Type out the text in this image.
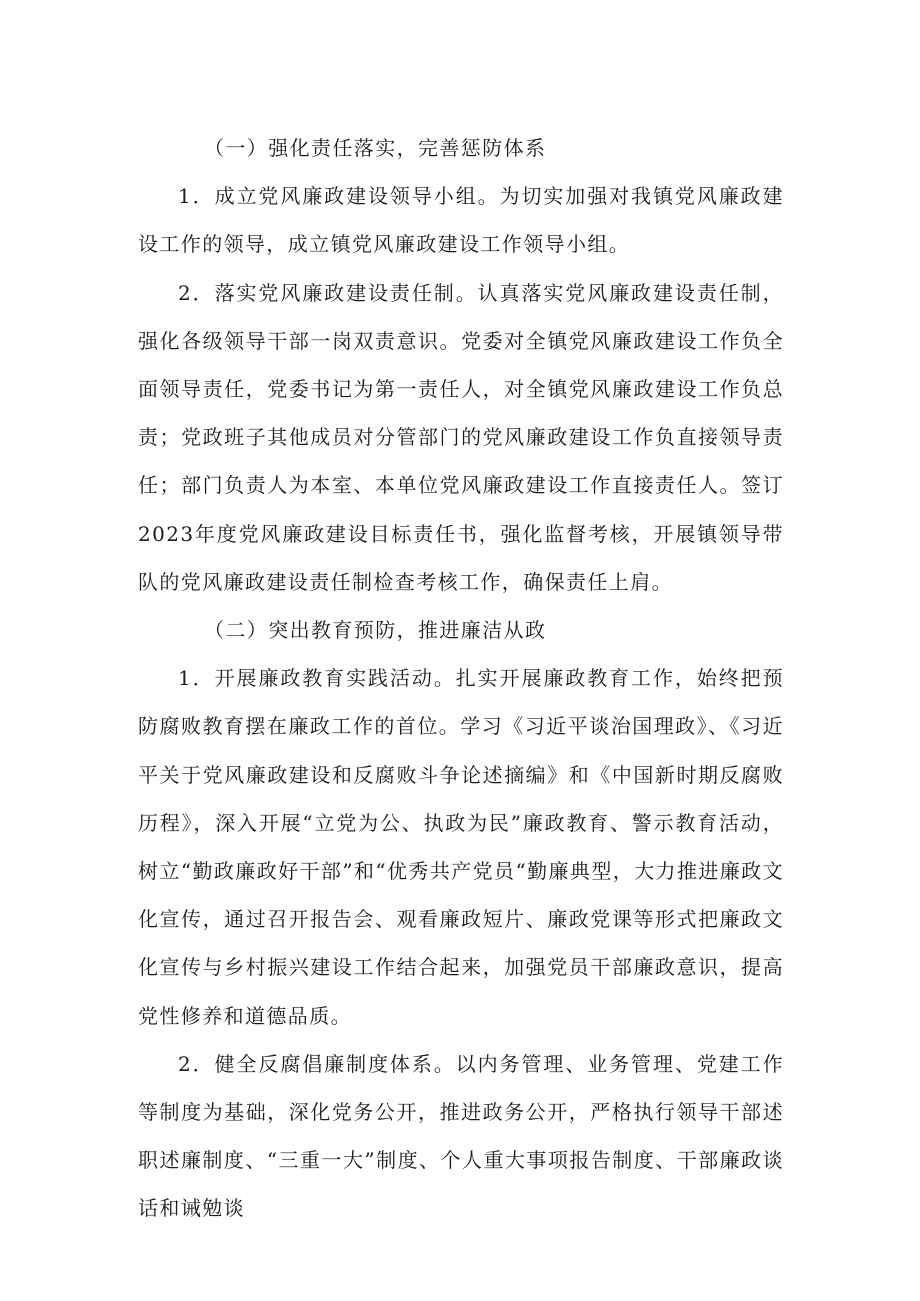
（一）强化责任落实，完善惩防体系

1．成立党风廉政建设领导小组。为切实加强对我镇党风廉政建设工作的领导，成立镇党风廉政建设工作领导小组。

2．落实党风廉政建设责任制。认真落实党风廉政建设责任制，强化各级领导干部一岗双责意识。党委对全镇党风廉政建设工作负全面领导责任，党委书记为第一责任人，对全镇党风廉政建设工作负总责；党政班子其他成员对分管部门的党风廉政建设工作负直接领导责任；部门负责人为本室、本单位党风廉政建设工作直接责任人。签订2023年度党风廉政建设目标责任书，强化监督考核，开展镇领导带队的党风廉政建设责任制检查考核工作，确保责任上肩。

（二）突出教育预防，推进廉洁从政

1．开展廉政教育实践活动。扎实开展廉政教育工作，始终把预防腐败教育摆在廉政工作的首位。学习《习近平谈治国理政》、《习近平关于党风廉政建设和反腐败斗争论述摘编》和《中国新时期反腐败历程》，深入开展“立党为公、执政为民”廉政教育、警示教育活动，树立“勤政廉政好干部”和“优秀共产党员“勤廉典型，大力推进廉政文化宣传，通过召开报告会、观看廉政短片、廉政党课等形式把廉政文化宣传与乡村振兴建设工作结合起来，加强党员干部廉政意识，提高党性修养和道德品质。

2．健全反腐倡廉制度体系。以内务管理、业务管理、党建工作等制度为基础，深化党务公开，推进政务公开，严格执行领导干部述职述廉制度、“三重一大”制度、个人重大事项报告制度、干部廉政谈话和诫勉谈
